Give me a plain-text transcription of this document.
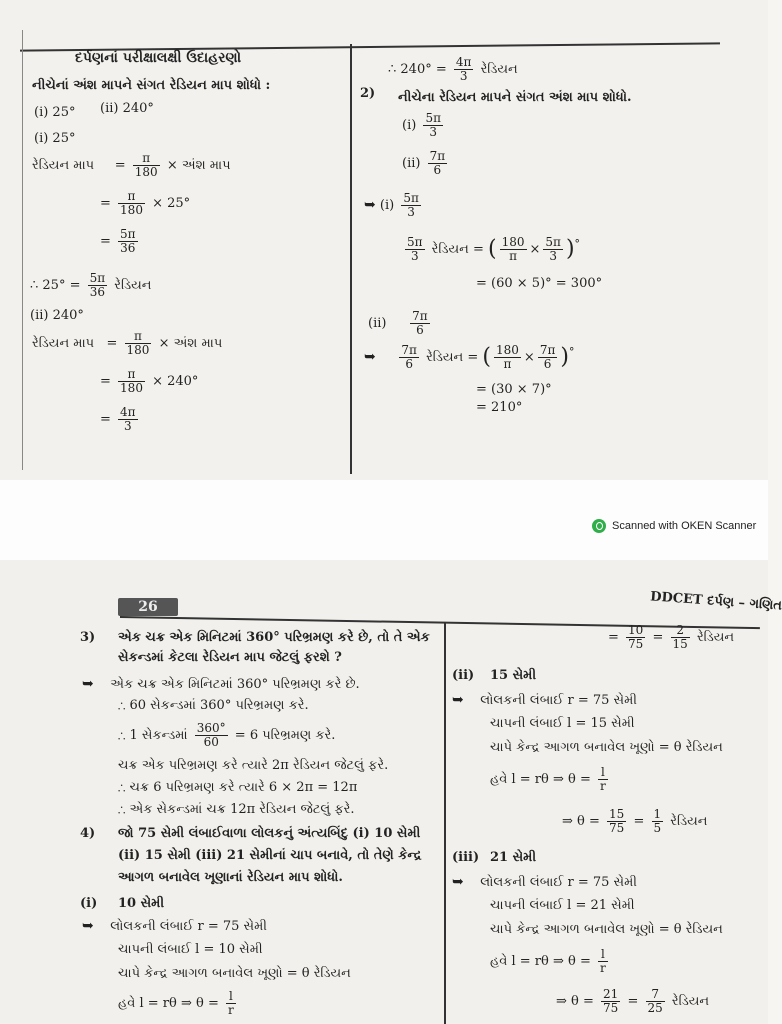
દર્પણનાં પરીક્ષાલક્ષી ઉદાહરણો
નીચેનાં અંશ માપને સંગત રેડિયન માપ શોધો :
(i) 25° (ii) 240°
(i) 25°
રેડિયન માપ = $\frac{\pi}{180}$ × અંશ માપ
= $\frac{\pi}{180} \times 25^\circ$
= $\frac{5\pi}{36}$
∴ $25^\circ = \frac{5\pi}{36}$ રેડિયન
(ii) 240°
રેડિયન માપ = $\frac{\pi}{180}$ × અંશ માપ
= $\frac{\pi}{180} \times 240^\circ$
= $\frac{4\pi}{3}$
∴ $240^\circ = \frac{4\pi}{3}$ રેડિયન
2) નીચેના રેડિયન માપને સંગત અંશ માપ શોધો.
$(i) \frac{5\pi}{3}$
$(ii) \frac{7\pi}{6}$
➥ $(i) \frac{5\pi}{3}$
$\frac{5\pi}{3}$ રેડિયન = ( $\frac{180}{\pi} \times \frac{5\pi}{3} )^\circ$
= (60 × 5)° = 300°
$(ii) \frac{7\pi}{6}$
➥ $\frac{7\pi}{6}$ રેડિયન = ( $\frac{180}{\pi} \times \frac{7\pi}{6} )^\circ$
= (30 × 7)°
= 210°
Scanned with OKEN Scanner
26	DDCET દર્પણ – ગણિત
3) એક ચક્ર એક મિનિટમાં 360° પરિભ્રમણ કરે છે, તો તે એક
સેકન્ડમાં કેટલા રેડિયન માપ જેટલું ફરશે ?
➥ એક ચક્ર એક મિનિટમાં 360° પરિભ્રમણ કરે છે.
∴ 60 સેકન્ડમાં 360° પરિભ્રમણ કરે.
∴ 1 સેકન્ડમાં $\frac{360^\circ}{60} = 6$ પરિભ્રમણ કરે.
ચક્ર એક પરિભ્રમણ કરે ત્યારે 2π રેડિયન જેટલું ફરે.
∴ ચક્ર 6 પરિભ્રમણ કરે ત્યારે 6 × 2π = 12π
∴ એક સેકન્ડમાં ચક્ર 12π રેડિયન જેટલું ફરે.
4) જો 75 સેમી લંબાઈવાળા લોલકનું અંત્યબિંદુ (i) 10 સેમી
(ii) 15 સેમી (iii) 21 સેમીનાં ચાપ બનાવે, તો તેણે કેન્દ્ર
આગળ બનાવેલ ખૂણાનાં રેડિયન માપ શોધો.
(i) 10 સેમી
➥ લોલકની લંબાઈ r = 75 સેમી
ચાપની લંબાઈ l = 10 સેમી
ચાપે કેન્દ્ર આગળ બનાવેલ ખૂણો = θ રેડિયન
હવે l = rθ ⇒ $\theta = \frac{l}{r}$
= $\frac{10}{75} = \frac{2}{15}$ રેડિયન
(ii) 15 સેમી
➥ લોલકની લંબાઈ r = 75 સેમી
ચાપની લંબાઈ l = 15 સેમી
ચાપે કેન્દ્ર આગળ બનાવેલ ખૂણો = θ રેડિયન
હવે l = rθ ⇒ $\theta = \frac{l}{r}$
⇒ $\theta = \frac{15}{75} = \frac{1}{5}$ રેડિયન
(iii) 21 સેમી
➥ લોલકની લંબાઈ r = 75 સેમી
ચાપની લંબાઈ l = 21 સેમી
ચાપે કેન્દ્ર આગળ બનાવેલ ખૂણો = θ રેડિયન
હવે l = rθ ⇒ $\theta = \frac{l}{r}$
⇒ $\theta = \frac{21}{75} = \frac{7}{25}$ રેડિયન
